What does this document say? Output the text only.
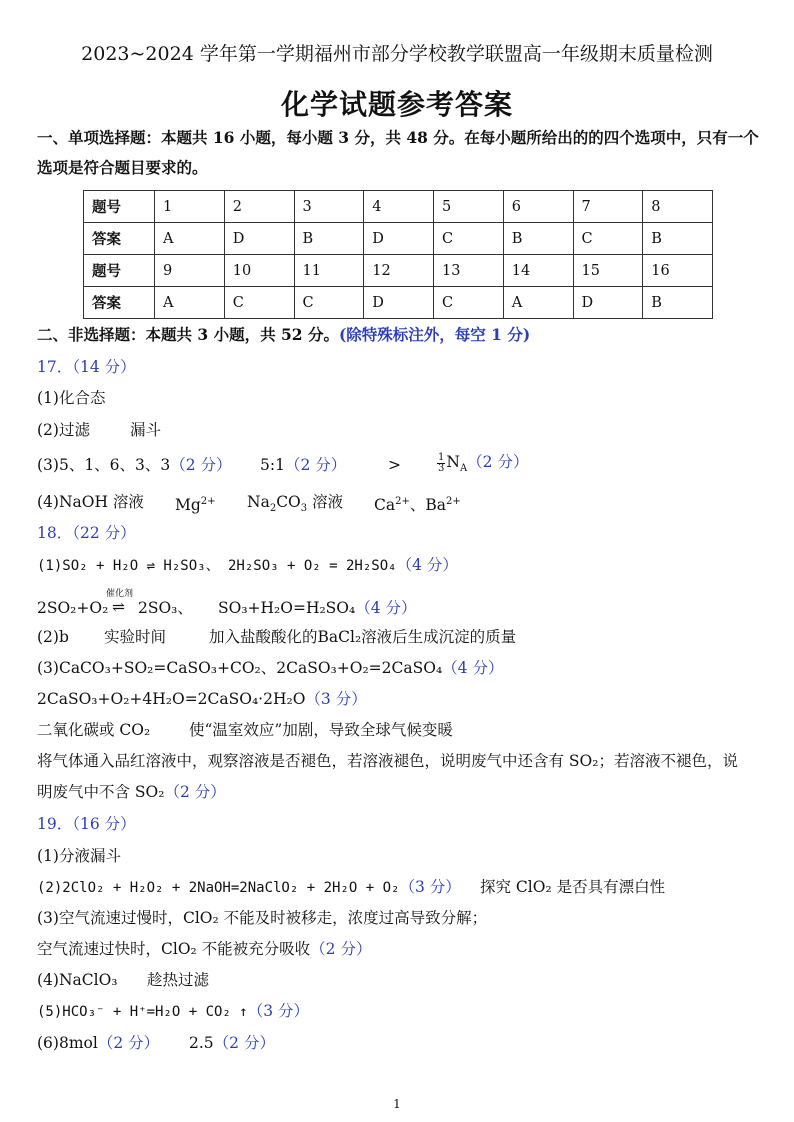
2023~2024 学年第一学期福州市部分学校教学联盟高一年级期末质量检测
化学试题参考答案
一、单项选择题：本题共 16 小题，每小题 3 分，共 48 分。在每小题所给出的的四个选项中，只有一个
选项是符合题目要求的。
题号	1	2	3	4	5	6	7	8
答案	A	D	B	D	C	B	C	B
题号	9	10	11	12	13	14	15	16
答案	A	C	C	D	C	A	D	B
二、非选择题：本题共 3 小题，共 52 分。(除特殊标注外，每空 1 分)
17．（14 分）
(1)化合态
(2)过滤	漏斗
(3)5、1、6、3、3（2 分） 5:1（2 分）	>	$\frac{1}{3} N_A(2$ 分）
(4)NaOH 溶液 $Mg^{2+}$ $Na_2CO_3$ 溶液 $Ca^{2+}$、$Ba^{2+}$
18．（22 分）
(1)SO₂ + H₂O ⇌ H₂SO₃、 2H₂SO₃ + O₂ = 2H₂SO₄（4 分）
催化剂
2SO₂+O₂ ⇌ 2SO₃、 SO₃+H₂O=H₂SO₄（4 分）
(2)b 实验时间	加入盐酸酸化的BaCl₂溶液后生成沉淀的质量
(3)CaCO₃+SO₂=CaSO₃+CO₂、2CaSO₃+O₂=2CaSO₄（4 分）
2CaSO₃+O₂+4H₂O=2CaSO₄·2H₂O（3 分）
二氧化碳或 CO₂	使“温室效应”加剧，导致全球气候变暖
将气体通入品红溶液中，观察溶液是否褪色，若溶液褪色，说明废气中还含有 SO₂；若溶液不褪色，说
明废气中不含 SO₂（2 分）
19．（16 分）
(1)分液漏斗
(2)2ClO₂ + H₂O₂ + 2NaOH=2NaClO₂ + 2H₂O + O₂（3 分） 探究 ClO₂ 是否具有漂白性
(3)空气流速过慢时，ClO₂ 不能及时被移走，浓度过高导致分解；
空气流速过快时，ClO₂ 不能被充分吸收（2 分）
(4)NaClO₃ 趁热过滤
(5)HCO₃⁻ + H⁺=H₂O + CO₂ ↑（3 分）
(6)8mol（2 分） 2.5（2 分）
1
